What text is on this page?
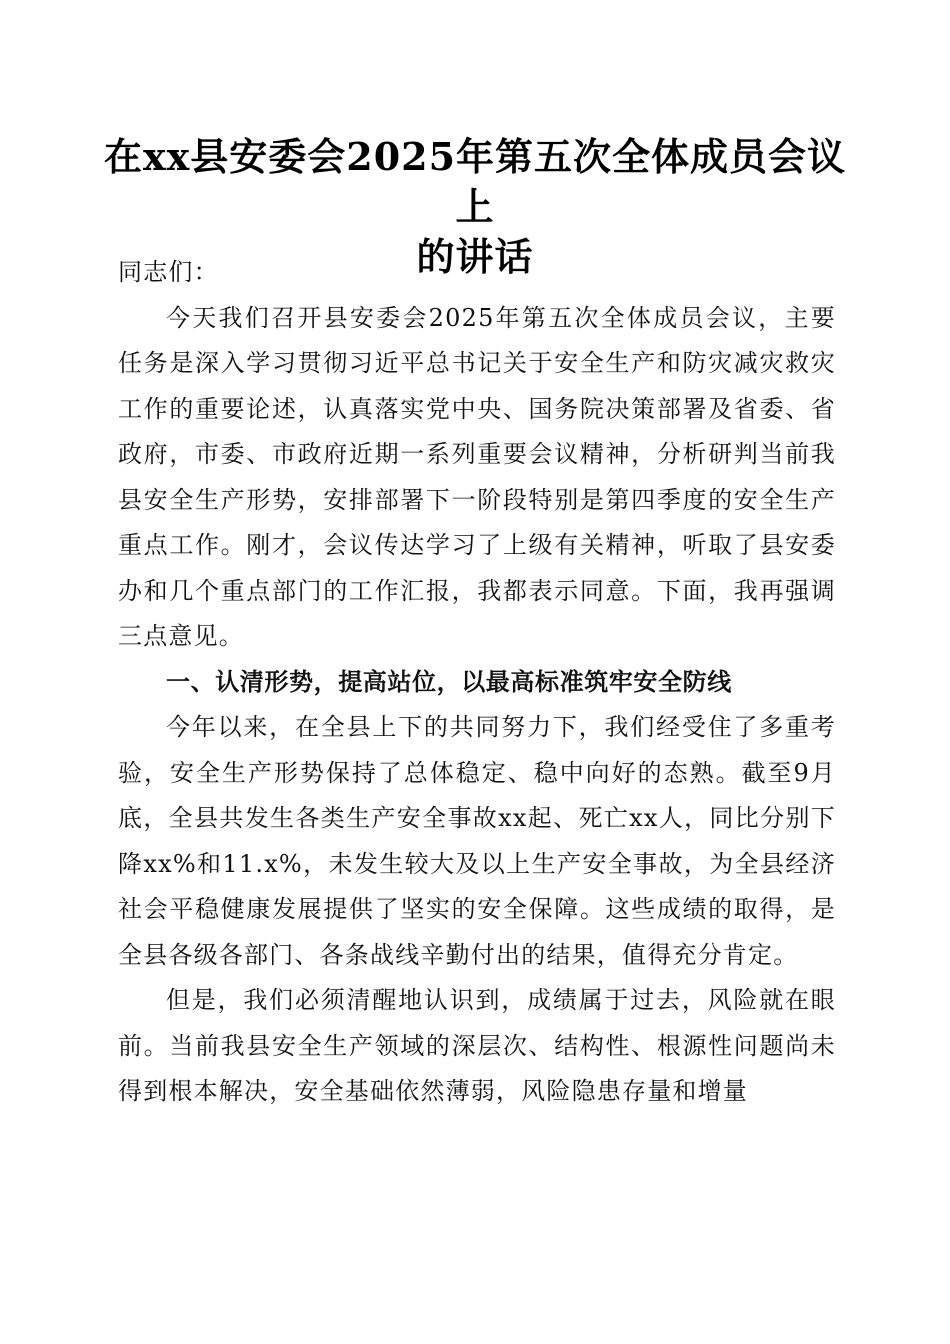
在xx县安委会2025年第五次全体成员会议上
的讲话

同志们：

今天我们召开县安委会2025年第五次全体成员会议，主要任务是深入学习贯彻习近平总书记关于安全生产和防灾减灾救灾工作的重要论述，认真落实党中央、国务院决策部署及省委、省政府，市委、市政府近期一系列重要会议精神，分析研判当前我县安全生产形势，安排部署下一阶段特别是第四季度的安全生产重点工作。刚才，会议传达学习了上级有关精神，听取了县安委办和几个重点部门的工作汇报，我都表示同意。下面，我再强调三点意见。

一、认清形势，提高站位，以最高标准筑牢安全防线

今年以来，在全县上下的共同努力下，我们经受住了多重考验，安全生产形势保持了总体稳定、稳中向好的态熟。截至9月底，全县共发生各类生产安全事故xx起、死亡xx人，同比分别下降xx%和11.x%，未发生较大及以上生产安全事故，为全县经济社会平稳健康发展提供了坚实的安全保障。这些成绩的取得，是全县各级各部门、各条战线辛勤付出的结果，值得充分肯定。

但是，我们必须清醒地认识到，成绩属于过去，风险就在眼前。当前我县安全生产领域的深层次、结构性、根源性问题尚未得到根本解决，安全基础依然薄弱，风险隐患存量和增量
